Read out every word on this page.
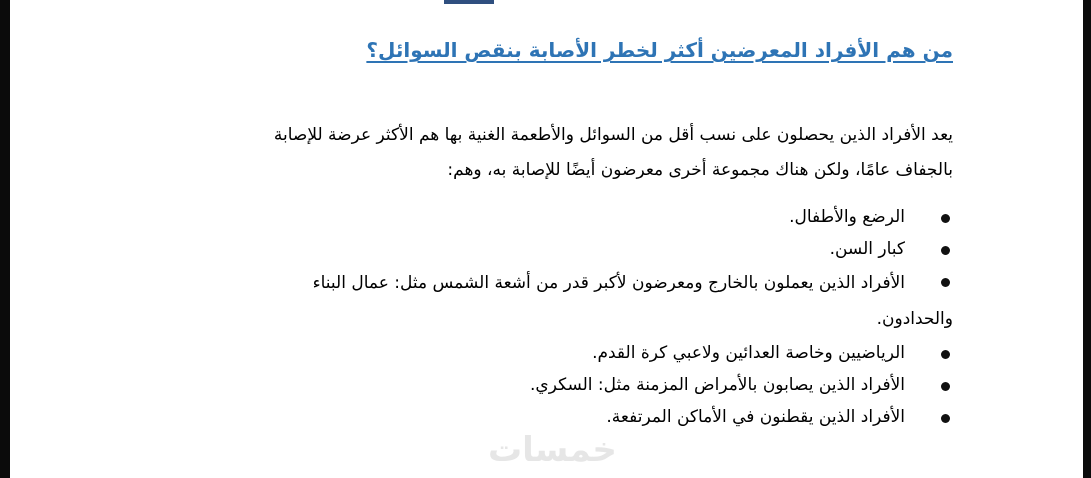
من هم الأفراد المعرضين أكثر لخطر الأصابة بنقص السوائل؟

يعد الأفراد الذين يحصلون على نسب أقل من السوائل والأطعمة الغنية بها هم الأكثر عرضة للإصابة
بالجفاف عامًا، ولكن هناك مجموعة أخرى معرضون أيضًا للإصابة به، وهم:

الرضع والأطفال.
كبار السن.
الأفراد الذين يعملون بالخارج ومعرضون لأكبر قدر من أشعة الشمس مثل: عمال البناء
والحدادون.
الرياضيين وخاصة العدائين ولاعبي كرة القدم.
الأفراد الذين يصابون بالأمراض المزمنة مثل: السكري.
الأفراد الذين يقطنون في الأماكن المرتفعة.
خمسات
